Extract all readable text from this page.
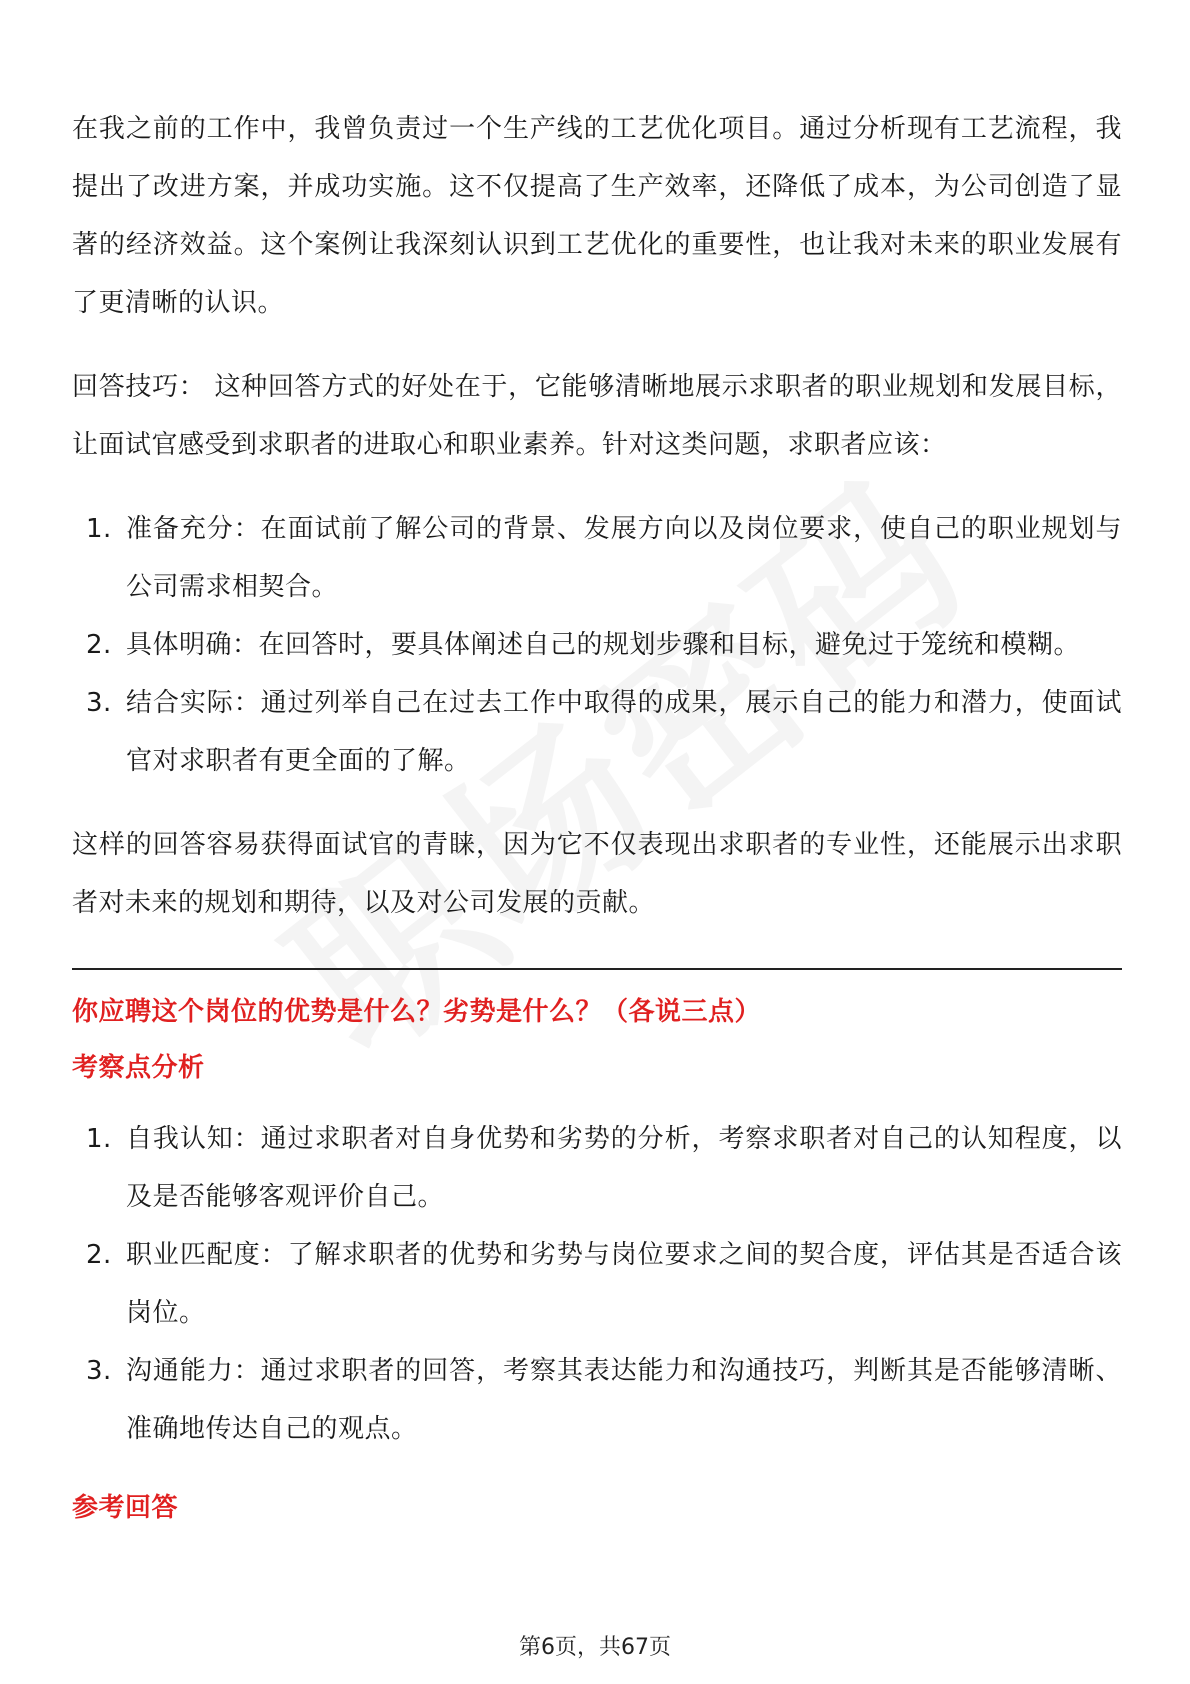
在我之前的工作中，我曾负责过一个生产线的工艺优化项目。通过分析现有工艺流程，我提出了改进方案，并成功实施。这不仅提高了生产效率，还降低了成本，为公司创造了显著的经济效益。这个案例让我深刻认识到工艺优化的重要性，也让我对未来的职业发展有了更清晰的认识。

回答技巧： 这种回答方式的好处在于，它能够清晰地展示求职者的职业规划和发展目标，让面试官感受到求职者的进取心和职业素养。针对这类问题，求职者应该：

1. 准备充分：在面试前了解公司的背景、发展方向以及岗位要求，使自己的职业规划与公司需求相契合。
2. 具体明确：在回答时，要具体阐述自己的规划步骤和目标，避免过于笼统和模糊。
3. 结合实际：通过列举自己在过去工作中取得的成果，展示自己的能力和潜力，使面试官对求职者有更全面的了解。

这样的回答容易获得面试官的青睐，因为它不仅表现出求职者的专业性，还能展示出求职者对未来的规划和期待，以及对公司发展的贡献。

你应聘这个岗位的优势是什么？劣势是什么？（各说三点）
考察点分析
1. 自我认知：通过求职者对自身优势和劣势的分析，考察求职者对自己的认知程度，以及是否能够客观评价自己。
2. 职业匹配度：了解求职者的优势和劣势与岗位要求之间的契合度，评估其是否适合该岗位。
3. 沟通能力：通过求职者的回答，考察其表达能力和沟通技巧，判断其是否能够清晰、准确地传达自己的观点。
参考回答
第6页，共67页
